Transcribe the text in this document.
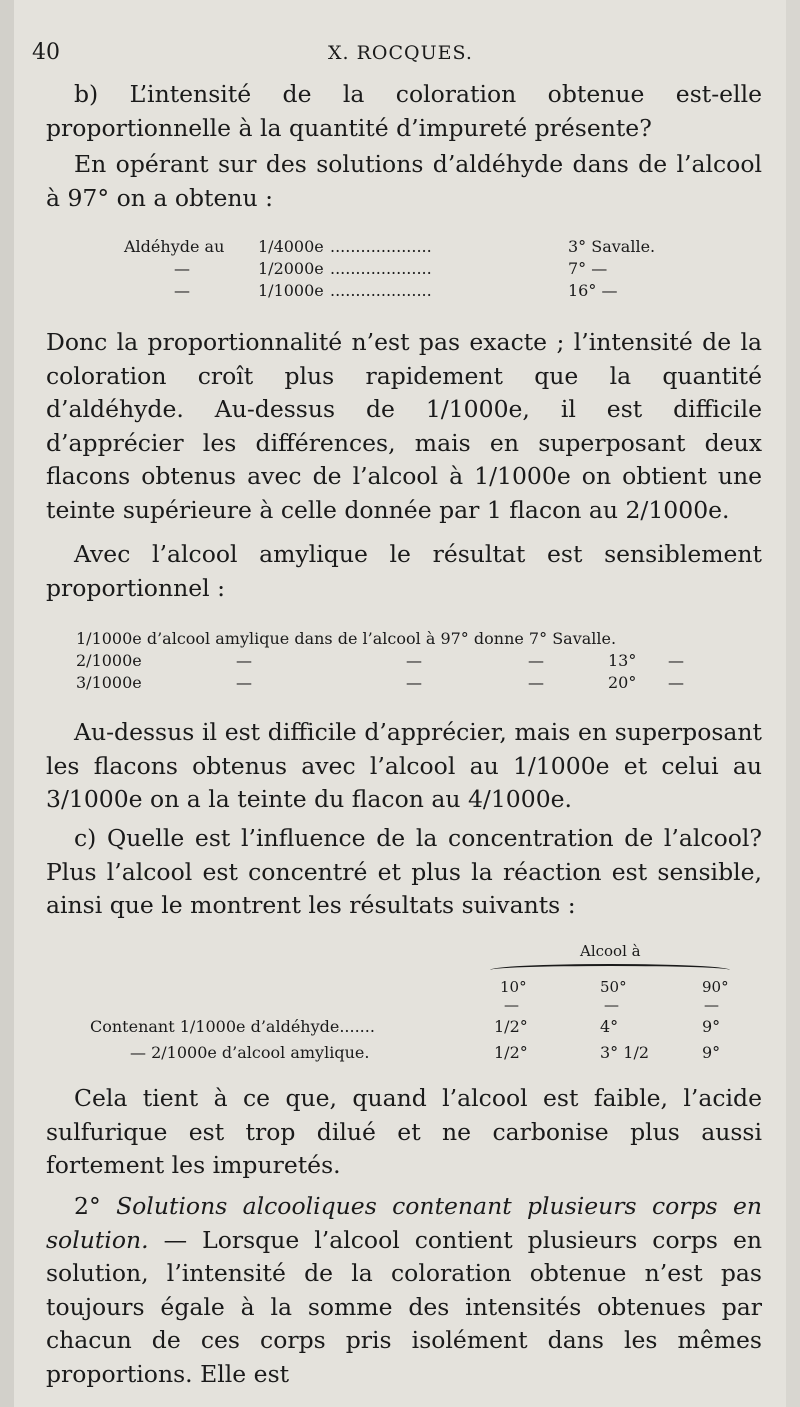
40	X. ROCQUES.

b) L’intensité de la coloration obtenue est-elle proportionnelle à la quantité d’impureté présente?

En opérant sur des solutions d’aldéhyde dans de l’alcool à 97° on a obtenu :

Aldéhyde au 1/4000e ....................	3° Savalle.
—	1/2000e ....................	7° —
—	1/1000e ....................	16° —

Donc la proportionnalité n’est pas exacte ; l’intensité de la coloration croît plus rapidement que la quantité d’aldéhyde. Au-dessus de 1/1000e, il est difficile d’apprécier les différences, mais en superposant deux flacons obtenus avec de l’alcool à 1/1000e on obtient une teinte supérieure à celle donnée par 1 flacon au 2/1000e.

Avec l’alcool amylique le résultat est sensiblement proportionnel :

1/1000e d’alcool amylique dans de l’alcool à 97° donne 7° Savalle.
2/1000e	—	—	—	13° —
3/1000e	—	—	—	20° —

Au-dessus il est difficile d’apprécier, mais en superposant les flacons obtenus avec l’alcool au 1/1000e et celui au 3/1000e on a la teinte du flacon au 4/1000e.

c) Quelle est l’influence de la concentration de l’alcool? Plus l’alcool est concentré et plus la réaction est sensible, ainsi que le montrent les résultats suivants :

Alcool à
10°	50°	90°
—	—	—
Contenant 1/1000e d’aldéhyde.......	1/2°	4°	9°
— 2/1000e d’alcool amylique.	1/2°	3° 1/2	9°

Cela tient à ce que, quand l’alcool est faible, l’acide sulfurique est trop dilué et ne carbonise plus aussi fortement les impuretés.

2° Solutions alcooliques contenant plusieurs corps en solution. — Lorsque l’alcool contient plusieurs corps en solution, l’intensité de la coloration obtenue n’est pas toujours égale à la somme des intensités obtenues par chacun de ces corps pris isolément dans les mêmes proportions. Elle est
